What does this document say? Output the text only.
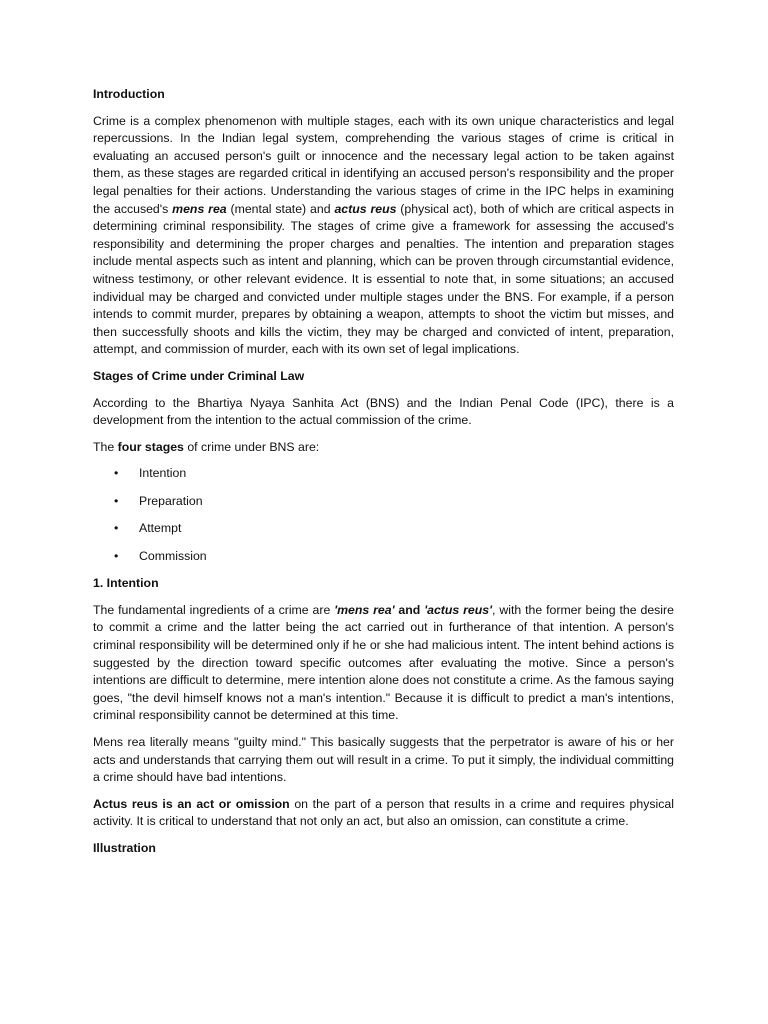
Introduction

Crime is a complex phenomenon with multiple stages, each with its own unique characteristics and legal repercussions. In the Indian legal system, comprehending the various stages of crime is critical in evaluating an accused person's guilt or innocence and the necessary legal action to be taken against them, as these stages are regarded critical in identifying an accused person's responsibility and the proper legal penalties for their actions. Understanding the various stages of crime in the IPC helps in examining the accused's mens rea (mental state) and actus reus (physical act), both of which are critical aspects in determining criminal responsibility. The stages of crime give a framework for assessing the accused's responsibility and determining the proper charges and penalties. The intention and preparation stages include mental aspects such as intent and planning, which can be proven through circumstantial evidence, witness testimony, or other relevant evidence. It is essential to note that, in some situations; an accused individual may be charged and convicted under multiple stages under the BNS. For example, if a person intends to commit murder, prepares by obtaining a weapon, attempts to shoot the victim but misses, and then successfully shoots and kills the victim, they may be charged and convicted of intent, preparation, attempt, and commission of murder, each with its own set of legal implications.

Stages of Crime under Criminal Law

According to the Bhartiya Nyaya Sanhita Act (BNS) and the Indian Penal Code (IPC), there is a development from the intention to the actual commission of the crime.

The four stages of crime under BNS are:

• Intention
• Preparation
• Attempt
• Commission
1. Intention

The fundamental ingredients of a crime are 'mens rea' and 'actus reus', with the former being the desire to commit a crime and the latter being the act carried out in furtherance of that intention. A person's criminal responsibility will be determined only if he or she had malicious intent. The intent behind actions is suggested by the direction toward specific outcomes after evaluating the motive. Since a person's intentions are difficult to determine, mere intention alone does not constitute a crime. As the famous saying goes, "the devil himself knows not a man's intention." Because it is difficult to predict a man's intentions, criminal responsibility cannot be determined at this time.

Mens rea literally means "guilty mind." This basically suggests that the perpetrator is aware of his or her acts and understands that carrying them out will result in a crime. To put it simply, the individual committing a crime should have bad intentions.

Actus reus is an act or omission on the part of a person that results in a crime and requires physical activity. It is critical to understand that not only an act, but also an omission, can constitute a crime.

Illustration
